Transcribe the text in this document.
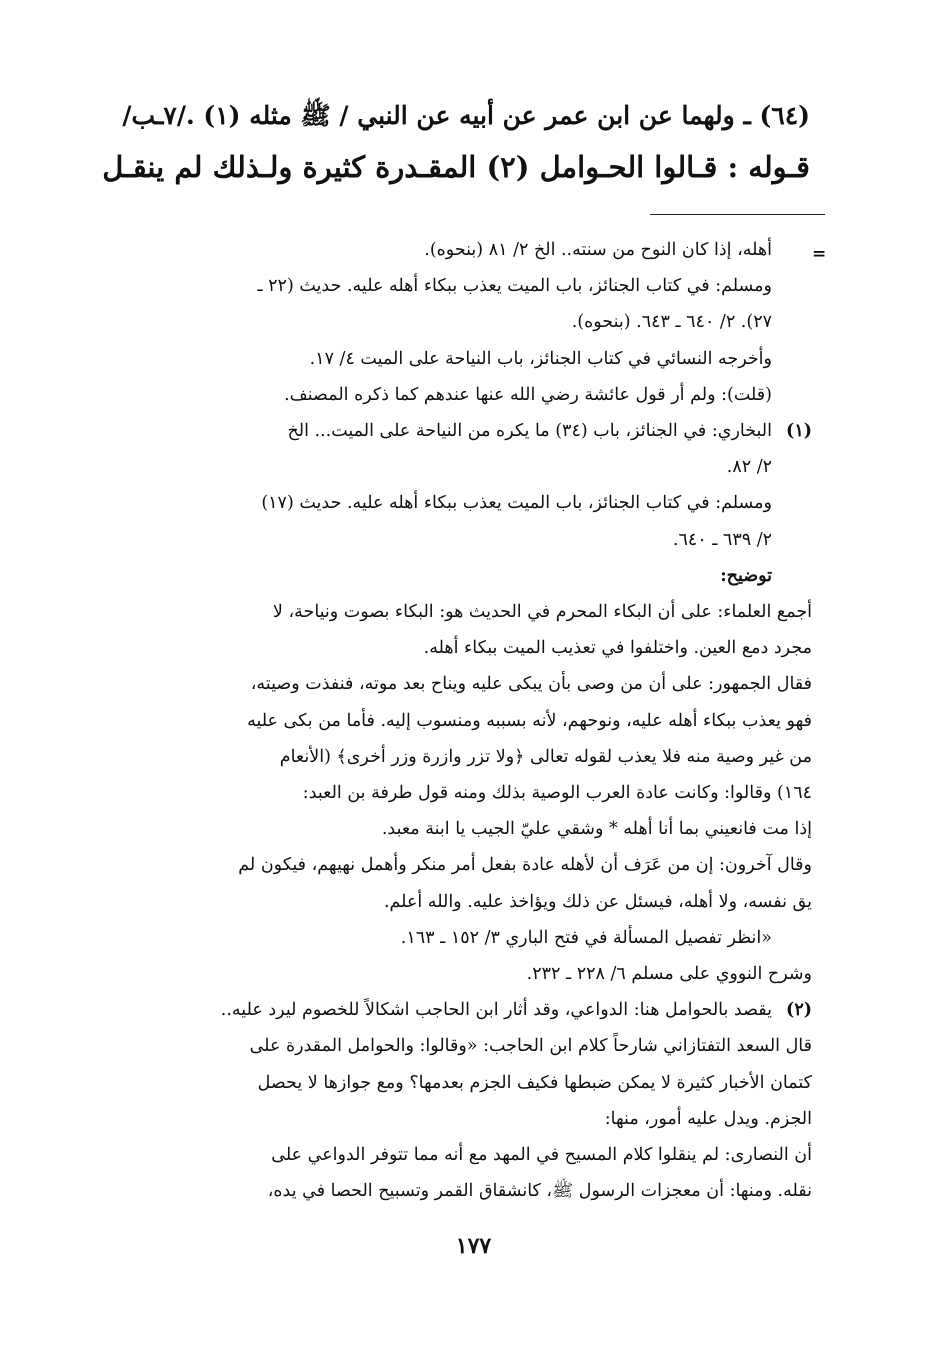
(٦٤) ـ ولهما عن ابن عمر عن أبيه عن النبي / ﷺ مثله (١) ./٧ـب/
قـوله : قـالوا الحـوامل (٢) المقـدرة كثيرة ولـذلك لم ينقـل
=
أهله، إذا كان النوح من سنته.. الخ ٢/ ٨١ (بنحوه).
ومسلم: في كتاب الجنائز، باب الميت يعذب ببكاء أهله عليه. حديث (٢٢ ـ
٢٧). ٢/ ٦٤٠ ـ ٦٤٣. (بنحوه).
وأخرجه النسائي في كتاب الجنائز، باب النياحة على الميت ٤/ ١٧.
(قلت): ولم أر قول عائشة رضي الله عنها عندهم كما ذكره المصنف.
(١)
البخاري: في الجنائز، باب (٣٤) ما يكره من النياحة على الميت... الخ
٢/ ٨٢.
ومسلم: في كتاب الجنائز، باب الميت يعذب ببكاء أهله عليه. حديث (١٧)
٢/ ٦٣٩ ـ ٦٤٠.
توضيح:
أجمع العلماء: على أن البكاء المحرم في الحديث هو: البكاء بصوت ونياحة، لا
مجرد دمع العين. واختلفوا في تعذيب الميت ببكاء أهله.
فقال الجمهور: على أن من وصى بأن يبكى عليه ويناح بعد موته، فنفذت وصيته،
فهو يعذب ببكاء أهله عليه، ونوحهم، لأنه بسببه ومنسوب إليه. فأما من بكى عليه
من غير وصية منه فلا يعذب لقوله تعالى ﴿ولا تزر وازرة وزر أخرى﴾ (الأنعام
١٦٤) وقالوا: وكانت عادة العرب الوصية بذلك ومنه قول طرفة بن العبد:
إذا مت فانعيني بما أنا أهله * وشقي عليّ الجيب يا ابنة معبد.
وقال آخرون: إن من عَرَف أن لأهله عادة بفعل أمر منكر وأهمل نهيهم، فيكون لم
يق نفسه، ولا أهله، فيسئل عن ذلك ويؤاخذ عليه. والله أعلم.
«انظر تفصيل المسألة في فتح الباري ٣/ ١٥٢ ـ ١٦٣.
وشرح النووي على مسلم ٦/ ٢٢٨ ـ ٢٣٢.
(٢)
يقصد بالحوامل هنا: الدواعي، وقد أثار ابن الحاجب اشكالاً للخصوم ليرد عليه..
قال السعد التفتازاني شارحاً كلام ابن الحاجب: «وقالوا: والحوامل المقدرة على
كتمان الأخبار كثيرة لا يمكن ضبطها فكيف الجزم بعدمها؟ ومع جوازها لا يحصل
الجزم. ويدل عليه أمور، منها:
أن النصارى: لم ينقلوا كلام المسيح في المهد مع أنه مما تتوفر الدواعي على
نقله. ومنها: أن معجزات الرسول ﷺ، كانشقاق القمر وتسبيح الحصا في يده،
١٧٧
